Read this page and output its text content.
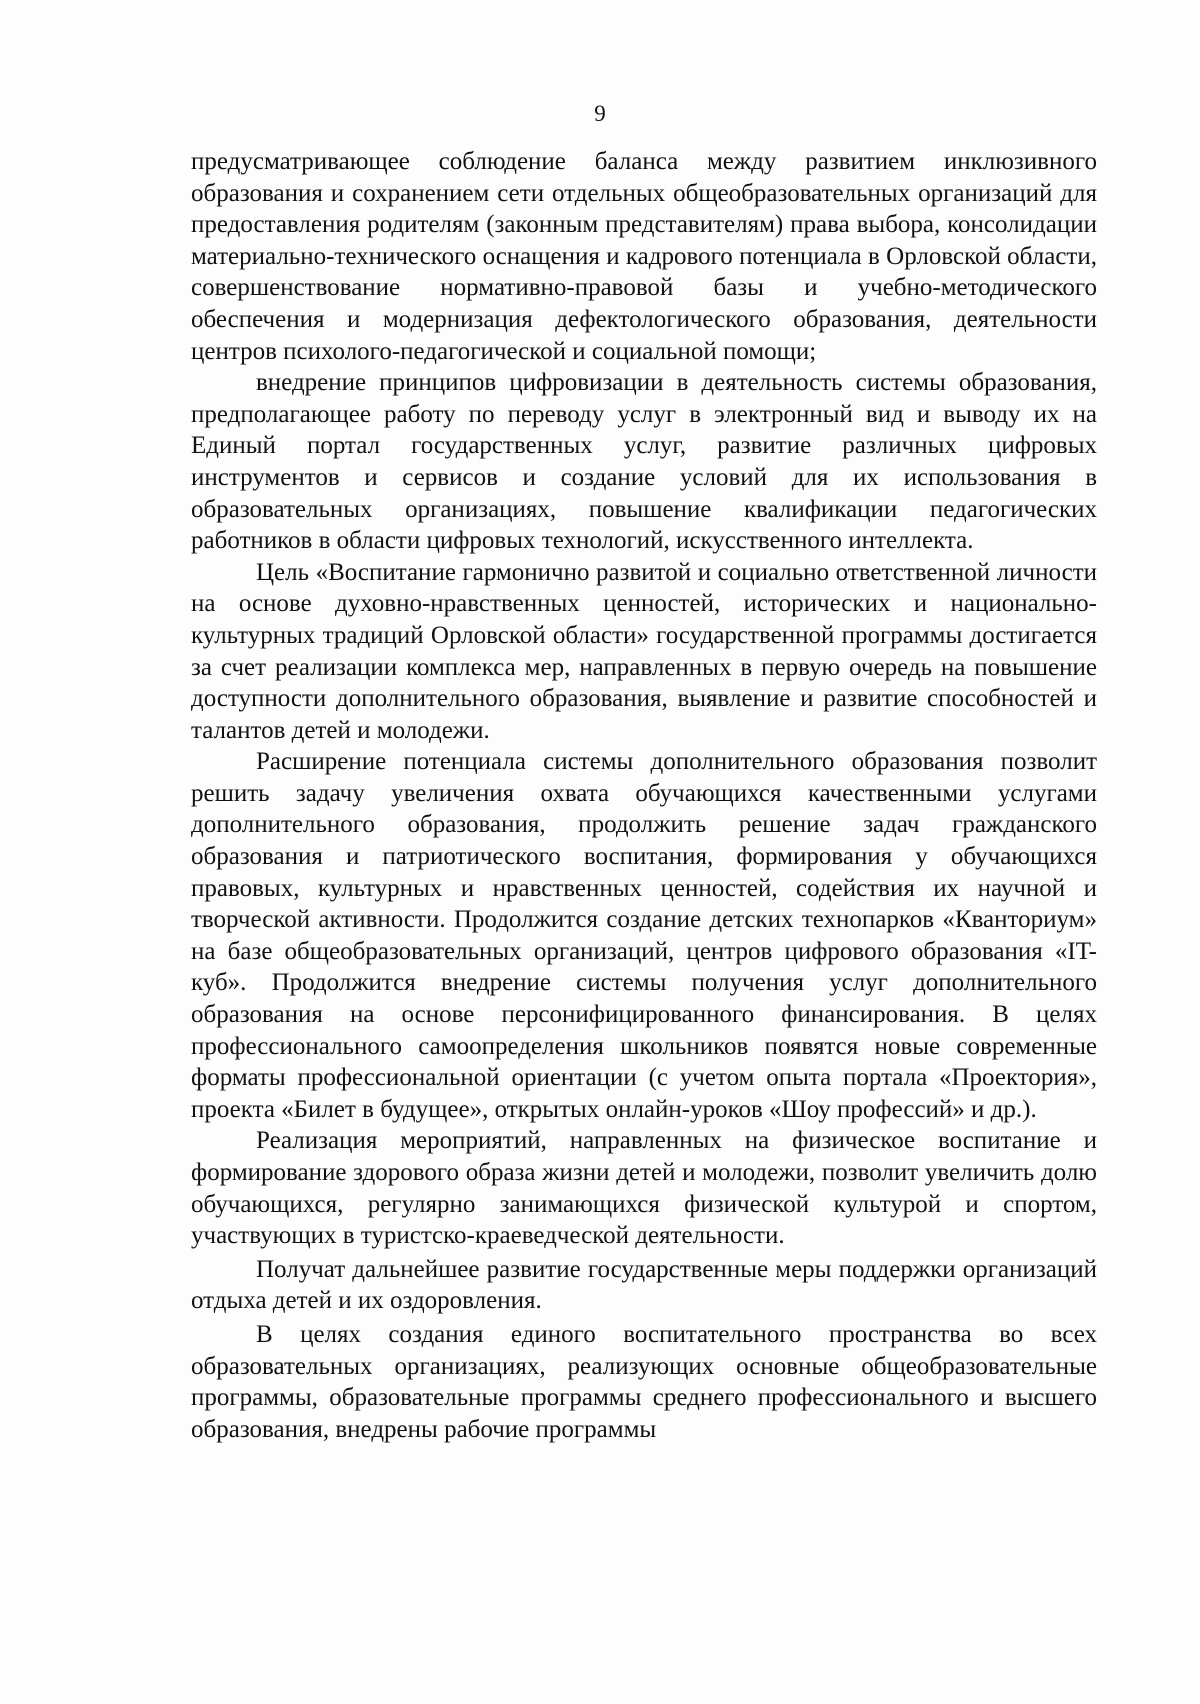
9

предусматривающее соблюдение баланса между развитием инклюзивного образования и сохранением сети отдельных общеобразовательных организаций для предоставления родителям (законным представителям) права выбора, консолидации материально-технического оснащения и кадрового потенциала в Орловской области, совершенствование нормативно-правовой базы и учебно-методического обеспечения и модернизация дефектологического образования, деятельности центров психолого-педагогической и социальной помощи;

внедрение принципов цифровизации в деятельность системы образования, предполагающее работу по переводу услуг в электронный вид и выводу их на Единый портал государственных услуг, развитие различных цифровых инструментов и сервисов и создание условий для их использования в образовательных организациях, повышение квалификации педагогических работников в области цифровых технологий, искусственного интеллекта.

Цель «Воспитание гармонично развитой и социально ответственной личности на основе духовно-нравственных ценностей, исторических и национально-культурных традиций Орловской области» государственной программы достигается за счет реализации комплекса мер, направленных в первую очередь на повышение доступности дополнительного образования, выявление и развитие способностей и талантов детей и молодежи.

Расширение потенциала системы дополнительного образования позволит решить задачу увеличения охвата обучающихся качественными услугами дополнительного образования, продолжить решение задач гражданского образования и патриотического воспитания, формирования у обучающихся правовых, культурных и нравственных ценностей, содействия их научной и творческой активности. Продолжится создание детских технопарков «Кванториум» на базе общеобразовательных организаций, центров цифрового образования «IT-куб». Продолжится внедрение системы получения услуг дополнительного образования на основе персонифицированного финансирования. В целях профессионального самоопределения школьников появятся новые современные форматы профессиональной ориентации (с учетом опыта портала «Проектория», проекта «Билет в будущее», открытых онлайн-уроков «Шоу профессий» и др.).

Реализация мероприятий, направленных на физическое воспитание и формирование здорового образа жизни детей и молодежи, позволит увеличить долю обучающихся, регулярно занимающихся физической культурой и спортом, участвующих в туристско-краеведческой деятельности.

Получат дальнейшее развитие государственные меры поддержки организаций отдыха детей и их оздоровления.

В целях создания единого воспитательного пространства во всех образовательных организациях, реализующих основные общеобразовательные программы, образовательные программы среднего профессионального и высшего образования, внедрены рабочие программы
